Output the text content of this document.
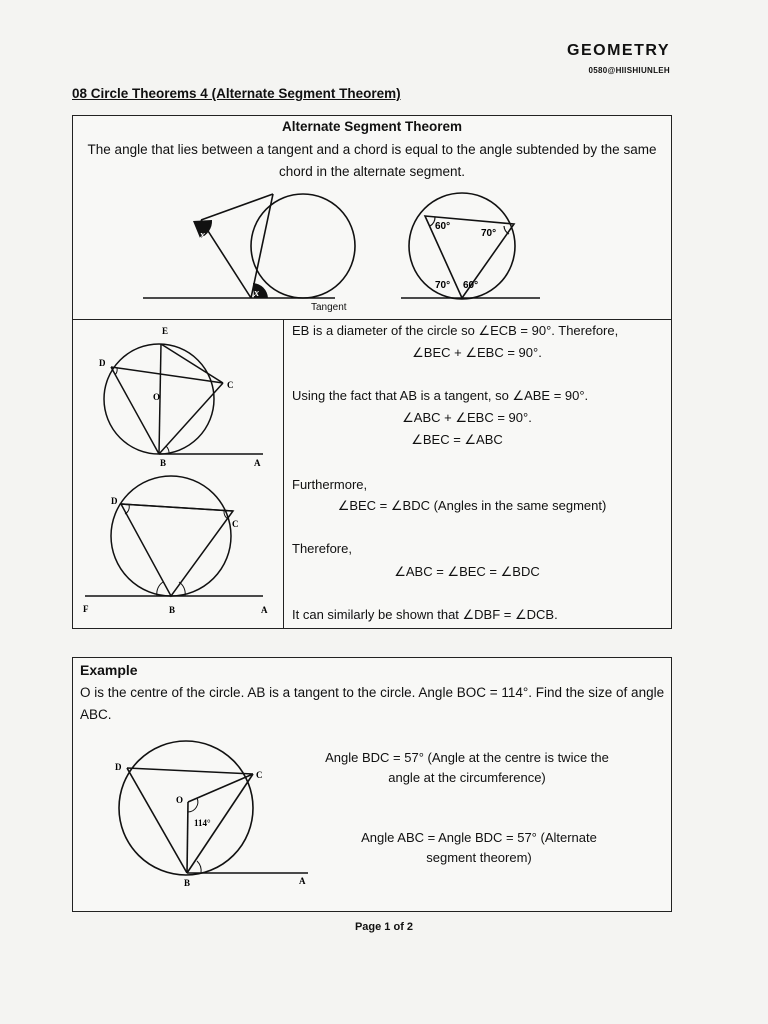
GEOMETRY
0580@HIISHIUNLEH
08 Circle Theorems 4 (Alternate Segment Theorem)
Alternate Segment Theorem
The angle that lies between a tangent and a chord is equal to the angle subtended by the same chord in the alternate segment.
x
x
60°
70°
70° 60°
Tangent
E
D
C
O
B	A
D
C
F	B	A
EB is a diameter of the circle so ∠ECB = 90°. Therefore,
∠BEC + ∠EBC = 90°.
Using the fact that AB is a tangent, so ∠ABE = 90°.
∠ABC + ∠EBC = 90°.
∠BEC = ∠ABC
Furthermore,
∠BEC = ∠BDC (Angles in the same segment)
Therefore,
∠ABC = ∠BEC = ∠BDC
It can similarly be shown that ∠DBF = ∠DCB.
Example
O is the centre of the circle. AB is a tangent to the circle. Angle BOC = 114°. Find the size of angle ABC.
D
C
O
B	A
114°
Angle BDC = 57° (Angle at the centre is twice the angle at the circumference)
Angle ABC = Angle BDC = 57° (Alternate segment theorem)
Page 1 of 2
